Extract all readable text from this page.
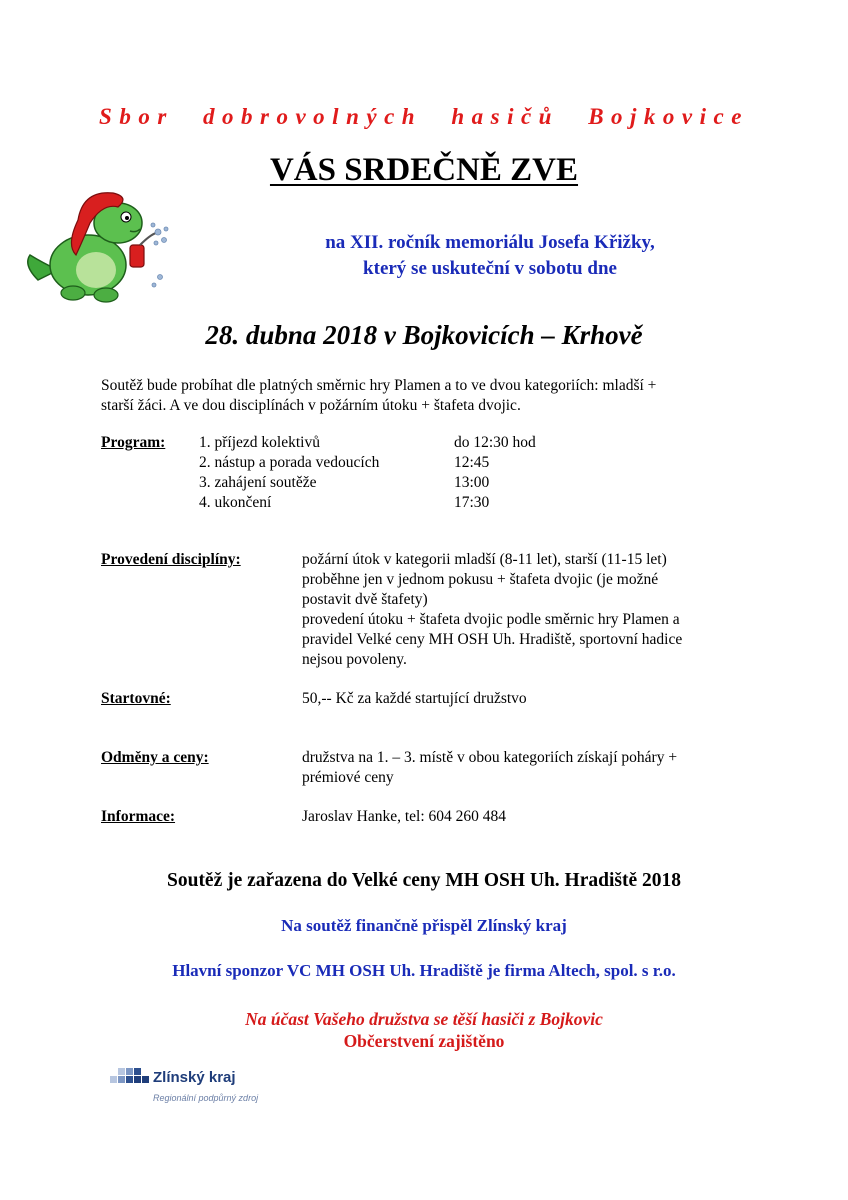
Sbor dobrovolných hasičů Bojkovice
VÁS SRDEČNĚ ZVE
na XII. ročník memoriálu Josefa Křižky,
který se uskuteční v sobotu dne
28. dubna 2018 v Bojkovicích – Krhově
Soutěž bude probíhat dle platných směrnic hry Plamen a to ve dvou kategoriích: mladší +
starší žáci. A ve dou disciplínách v požárním útoku + štafeta dvojic.
Program: 1. příjezd kolektivů	do 12:30 hod
2. nástup a porada vedoucích	12:45
3. zahájení soutěže	13:00
4. ukončení	17:30
Provedení disciplíny:	požární útok v kategorii mladší (8-11 let), starší (11-15 let)
proběhne jen v jednom pokusu + štafeta dvojic (je možné
postavit dvě štafety)
provedení útoku + štafeta dvojic podle směrnic hry Plamen a
pravidel Velké ceny MH OSH Uh. Hradiště, sportovní hadice
nejsou povoleny.
Startovné:	50,-- Kč za každé startující družstvo
Odměny a ceny:	družstva na 1. – 3. místě v obou kategoriích získají poháry +
prémiové ceny
Informace:	Jaroslav Hanke, tel: 604 260 484
Soutěž je zařazena do Velké ceny MH OSH Uh. Hradiště 2018
Na soutěž finančně přispěl Zlínský kraj
Hlavní sponzor VC MH OSH Uh. Hradiště je firma Altech, spol. s r.o.
Na účast Vašeho družstva se těší hasiči z Bojkovic
Občerstvení zajištěno
Zlínský kraj
Regionální podpůrný zdroj
